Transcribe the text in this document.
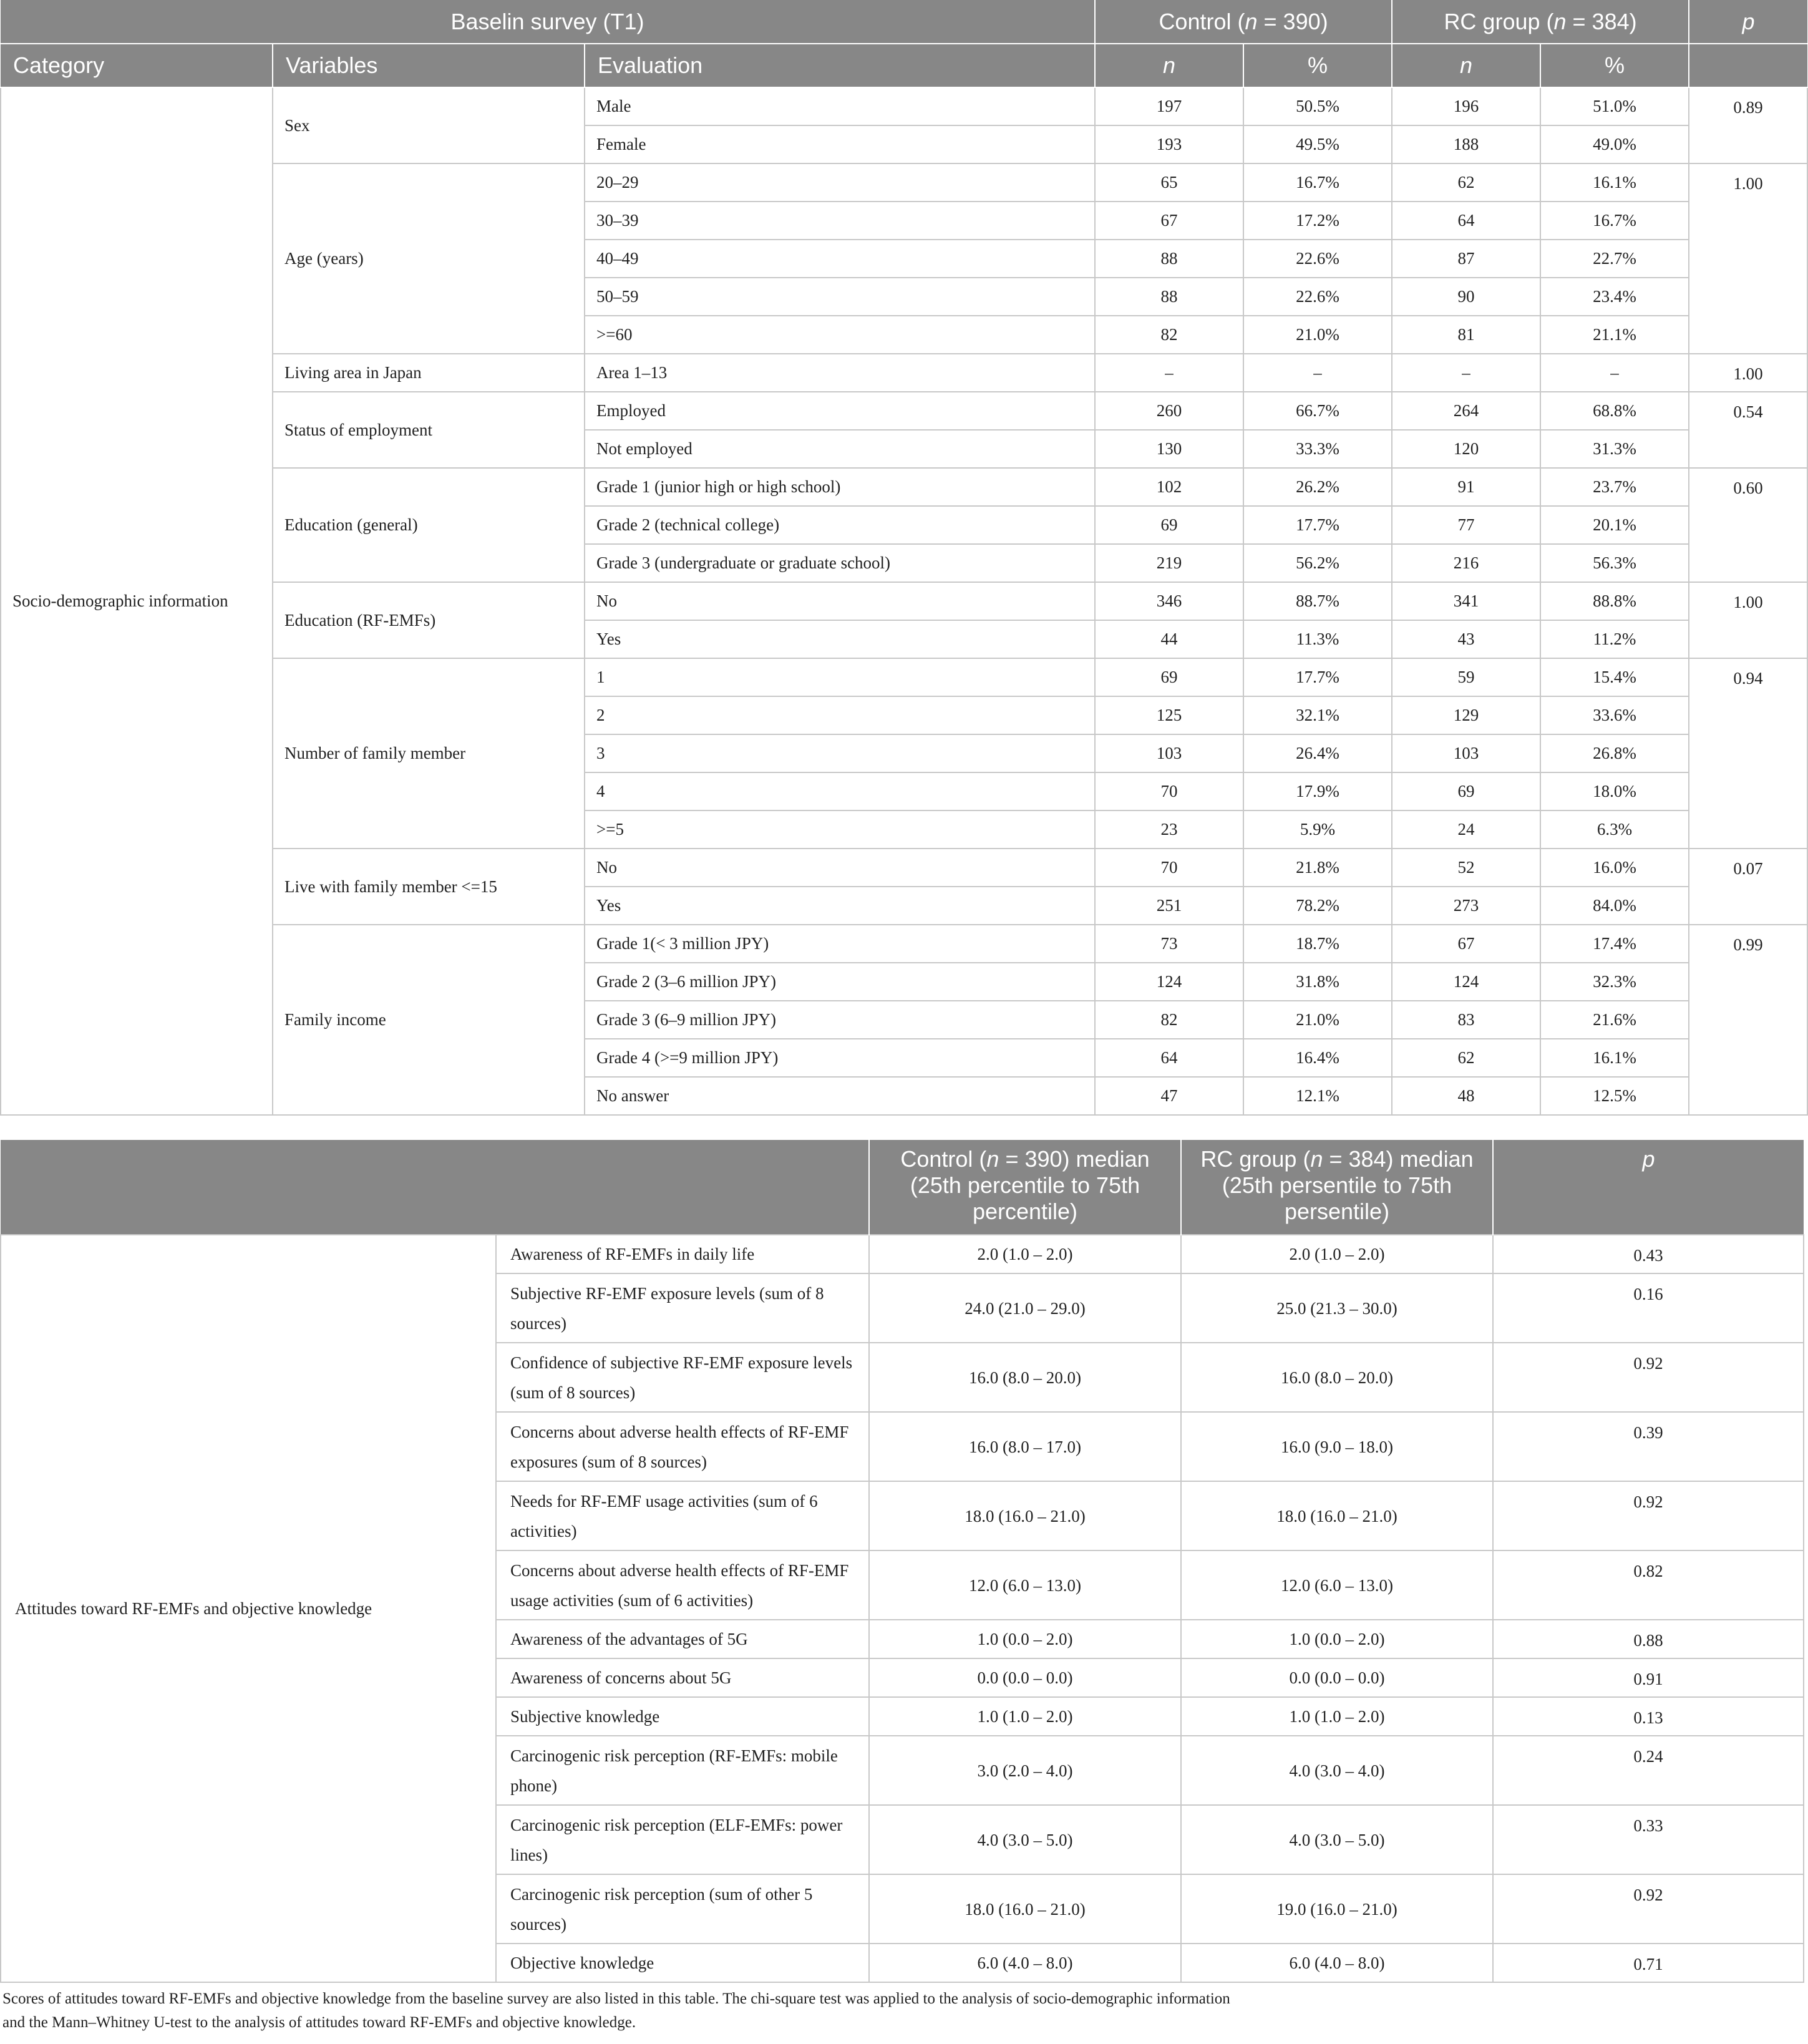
Baselin survey (T1)			Control (n = 390)		RC group (n = 384)		p
Category	Variables	Evaluation	n	%	n	%	
Socio-demographic information	Sex	Male	197	50.5%	196	51.0%	0.89
		Female	193	49.5%	188	49.0%	
	Age (years)	20–29	65	16.7%	62	16.1%	1.00
		30–39	67	17.2%	64	16.7%	
		40–49	88	22.6%	87	22.7%	
		50–59	88	22.6%	90	23.4%	
		>=60	82	21.0%	81	21.1%	
	Living area in Japan	Area 1–13	–	–	–	–	1.00
	Status of employment	Employed	260	66.7%	264	68.8%	0.54
		Not employed	130	33.3%	120	31.3%	
	Education (general)	Grade 1 (junior high or high school)	102	26.2%	91	23.7%	0.60
		Grade 2 (technical college)	69	17.7%	77	20.1%	
		Grade 3 (undergraduate or graduate school)	219	56.2%	216	56.3%	
	Education (RF-EMFs)	No	346	88.7%	341	88.8%	1.00
		Yes	44	11.3%	43	11.2%	
	Number of family member	1	69	17.7%	59	15.4%	0.94
		2	125	32.1%	129	33.6%	
		3	103	26.4%	103	26.8%	
		4	70	17.9%	69	18.0%	
		>=5	23	5.9%	24	6.3%	
	Live with family member <=15	No	70	21.8%	52	16.0%	0.07
		Yes	251	78.2%	273	84.0%	
	Family income	Grade 1(< 3 million JPY)	73	18.7%	67	17.4%	0.99
		Grade 2 (3–6 million JPY)	124	31.8%	124	32.3%	
		Grade 3 (6–9 million JPY)	82	21.0%	83	21.6%	
		Grade 4 (>=9 million JPY)	64	16.4%	62	16.1%	
		No answer	47	12.1%	48	12.5%	
		Control (n = 390) median (25th percentile to 75th percentile)	RC group (n = 384) median (25th persentile to 75th persentile)	p
Attitudes toward RF-EMFs and objective knowledge	Awareness of RF-EMFs in daily life	2.0 (1.0 – 2.0)	2.0 (1.0 – 2.0)	0.43
	Subjective RF-EMF exposure levels (sum of 8 sources)	24.0 (21.0 – 29.0)	25.0 (21.3 – 30.0)	0.16
	Confidence of subjective RF-EMF exposure levels (sum of 8 sources)	16.0 (8.0 – 20.0)	16.0 (8.0 – 20.0)	0.92
	Concerns about adverse health effects of RF-EMF exposures (sum of 8 sources)	16.0 (8.0 – 17.0)	16.0 (9.0 – 18.0)	0.39
	Needs for RF-EMF usage activities (sum of 6 activities)	18.0 (16.0 – 21.0)	18.0 (16.0 – 21.0)	0.92
	Concerns about adverse health effects of RF-EMF usage activities (sum of 6 activities)	12.0 (6.0 – 13.0)	12.0 (6.0 – 13.0)	0.82
	Awareness of the advantages of 5G	1.0 (0.0 – 2.0)	1.0 (0.0 – 2.0)	0.88
	Awareness of concerns about 5G	0.0 (0.0 – 0.0)	0.0 (0.0 – 0.0)	0.91
	Subjective knowledge	1.0 (1.0 – 2.0)	1.0 (1.0 – 2.0)	0.13
	Carcinogenic risk perception (RF-EMFs: mobile phone)	3.0 (2.0 – 4.0)	4.0 (3.0 – 4.0)	0.24
	Carcinogenic risk perception (ELF-EMFs: power lines)	4.0 (3.0 – 5.0)	4.0 (3.0 – 5.0)	0.33
	Carcinogenic risk perception (sum of other 5 sources)	18.0 (16.0 – 21.0)	19.0 (16.0 – 21.0)	0.92
	Objective knowledge	6.0 (4.0 – 8.0)	6.0 (4.0 – 8.0)	0.71
Scores of attitudes toward RF-EMFs and objective knowledge from the baseline survey are also listed in this table. The chi-square test was applied to the analysis of socio-demographic information and the Mann–Whitney U-test to the analysis of attitudes toward RF-EMFs and objective knowledge.
